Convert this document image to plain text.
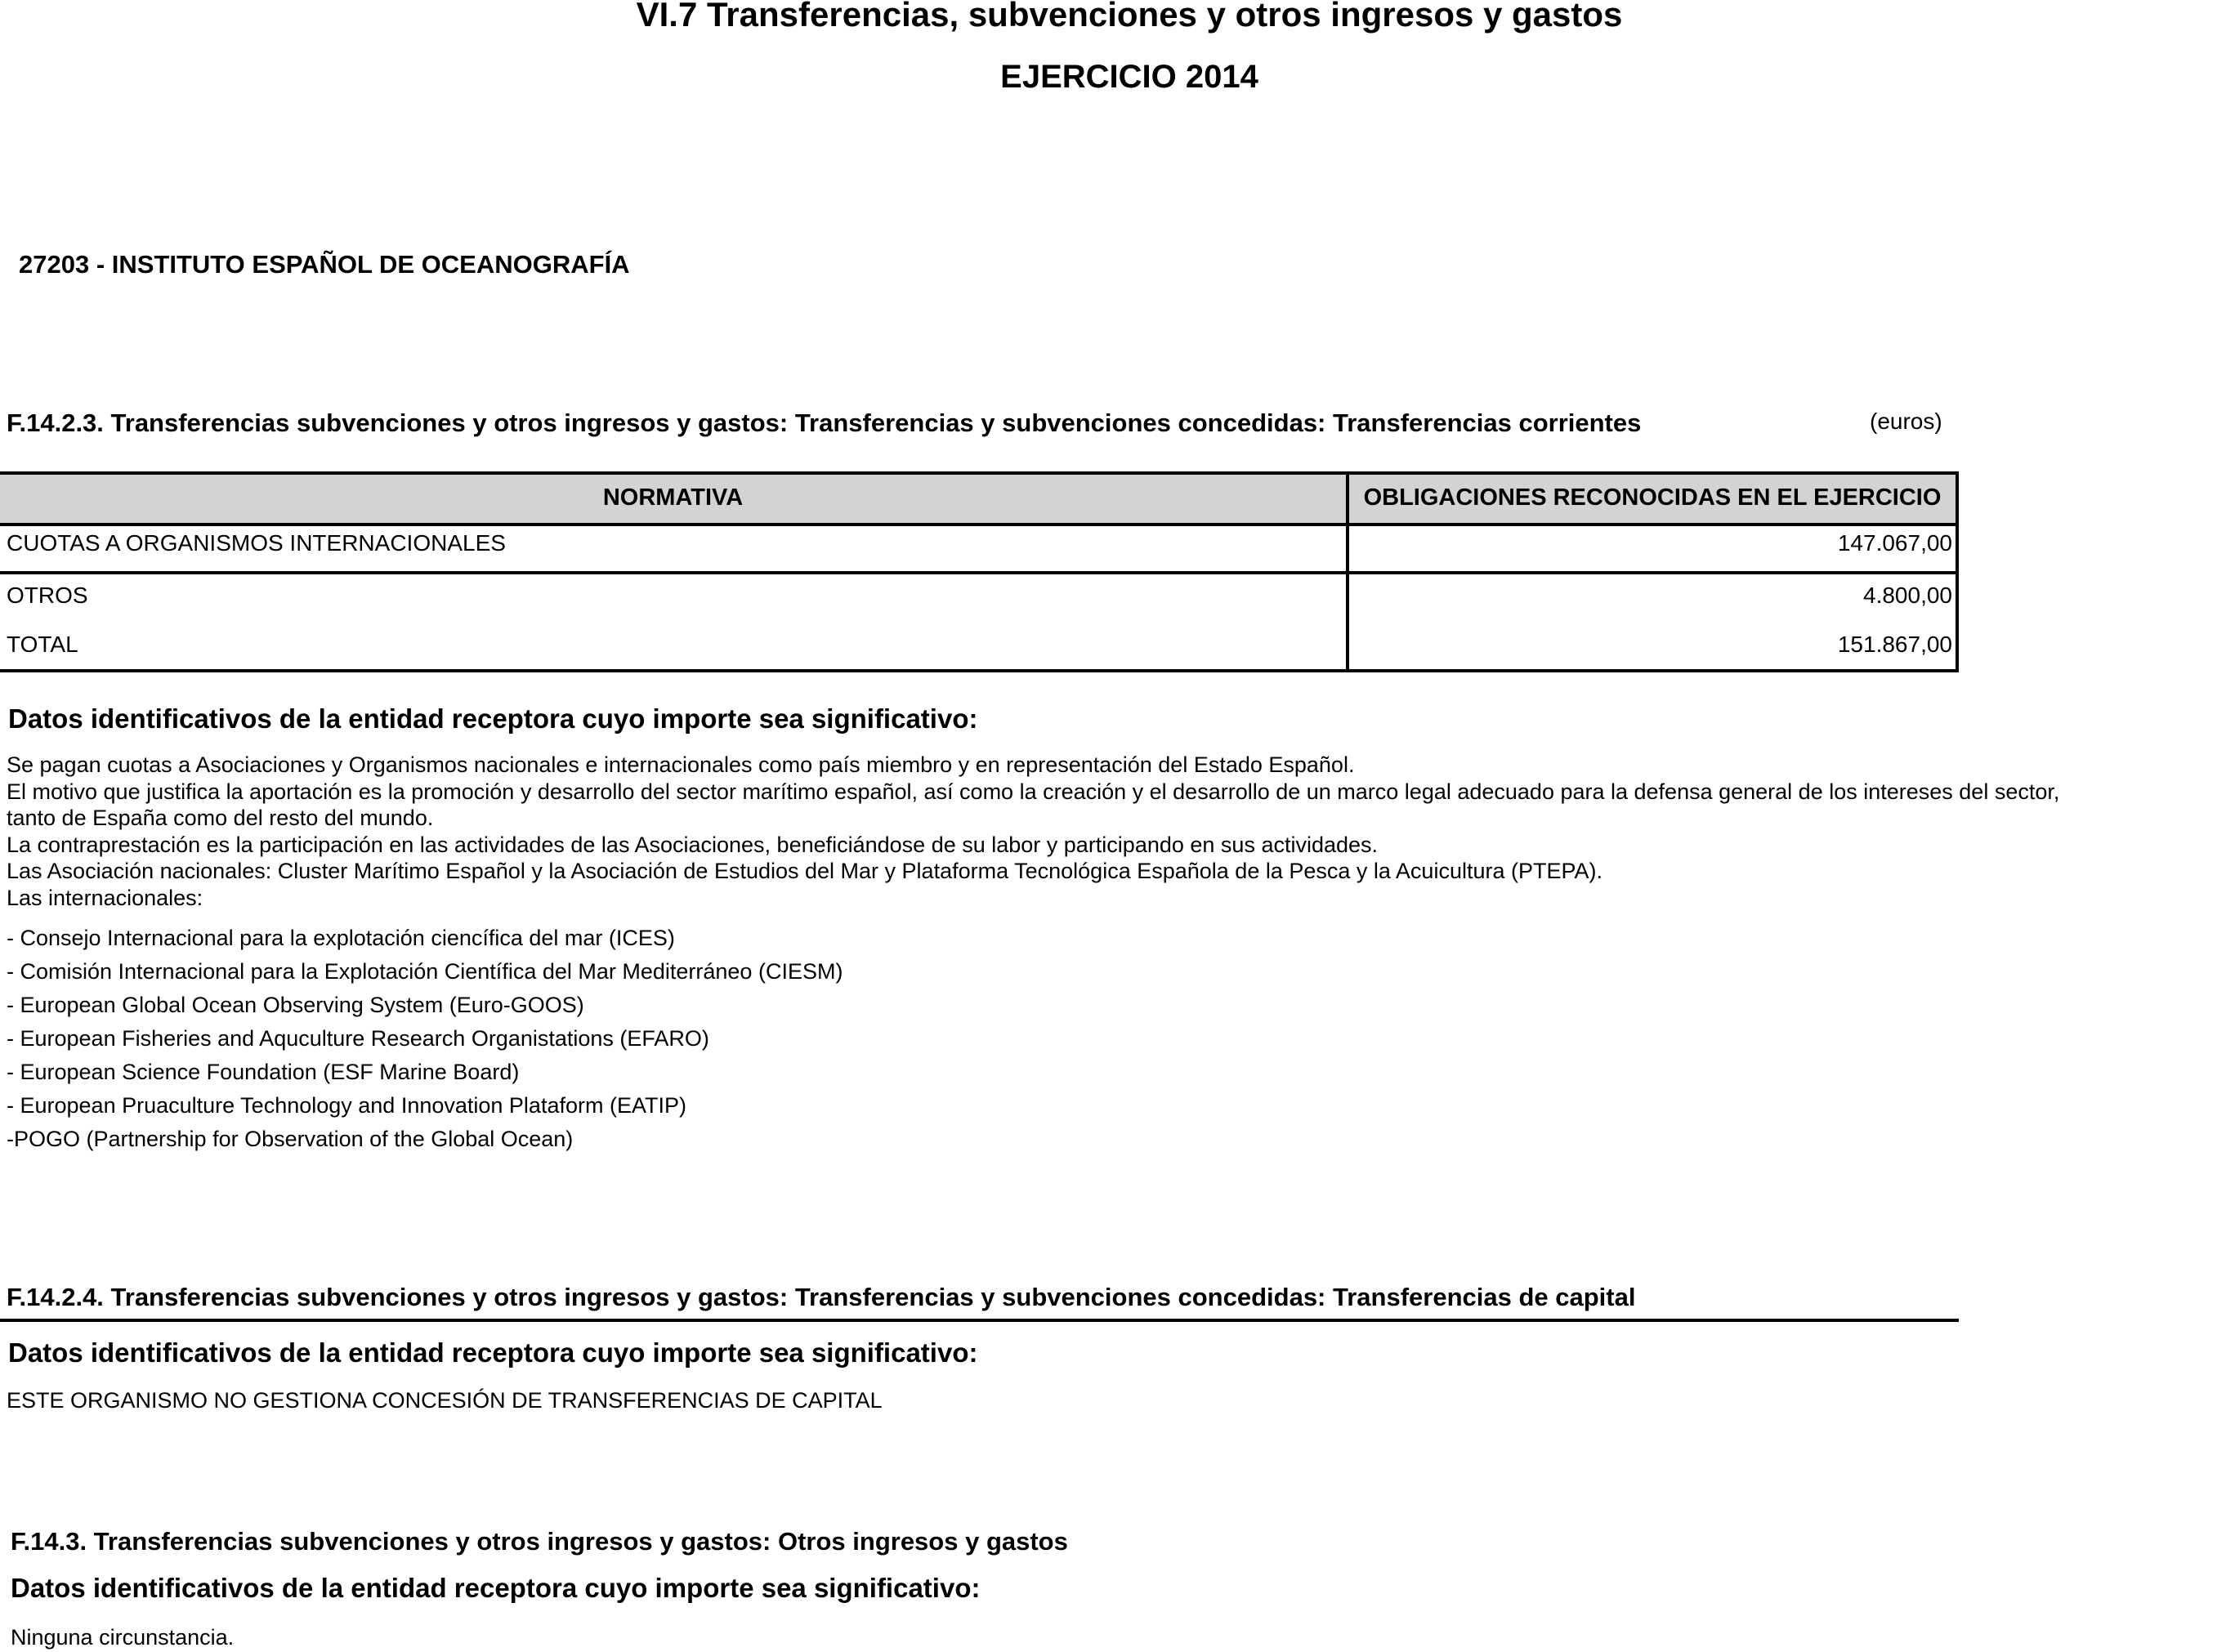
VI.7 Transferencias, subvenciones y otros ingresos y gastos
EJERCICIO 2014
27203 - INSTITUTO ESPAÑOL DE OCEANOGRAFÍA
F.14.2.3. Transferencias subvenciones y otros ingresos y gastos: Transferencias y subvenciones concedidas: Transferencias corrientes	(euros)
NORMATIVA	OBLIGACIONES RECONOCIDAS EN EL EJERCICIO
CUOTAS A ORGANISMOS INTERNACIONALES	147.067,00
OTROS	4.800,00
TOTAL	151.867,00
Datos identificativos de la entidad receptora cuyo importe sea significativo:
Se pagan cuotas a Asociaciones y Organismos nacionales e internacionales como país miembro y en representación del Estado Español.
El motivo que justifica la aportación es la promoción y desarrollo del sector marítimo español, así como la creación y el desarrollo de un marco legal adecuado para la defensa general de los intereses del sector,
tanto de España como del resto del mundo.
La contraprestación es la participación en las actividades de las Asociaciones, beneficiándose de su labor y participando en sus actividades.
Las Asociación nacionales: Cluster Marítimo Español y la Asociación de Estudios del Mar y Plataforma Tecnológica Española de la Pesca y la Acuicultura (PTEPA).
Las internacionales:
- Consejo Internacional para la explotación ciencífica del mar (ICES)
- Comisión Internacional para la Explotación Científica del Mar Mediterráneo (CIESM)
- European Global Ocean Observing System (Euro-GOOS)
- European Fisheries and Aquculture Research Organistations (EFARO)
- European Science Foundation (ESF Marine Board)
- European Pruaculture Technology and Innovation Plataform (EATIP)
-POGO (Partnership for Observation of the Global Ocean)
F.14.2.4. Transferencias subvenciones y otros ingresos y gastos: Transferencias y subvenciones concedidas: Transferencias de capital
Datos identificativos de la entidad receptora cuyo importe sea significativo:
ESTE ORGANISMO NO GESTIONA CONCESIÓN DE TRANSFERENCIAS DE CAPITAL
F.14.3. Transferencias subvenciones y otros ingresos y gastos: Otros ingresos y gastos
Datos identificativos de la entidad receptora cuyo importe sea significativo:
Ninguna circunstancia.
